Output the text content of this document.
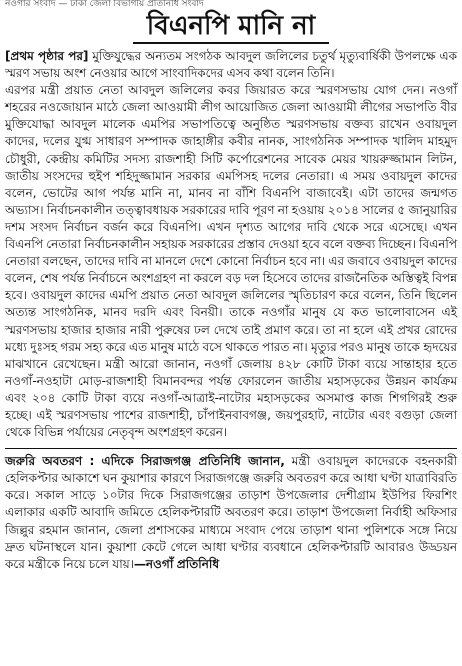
নওগাঁর সংবাদ — ঢাকা জেলা বিভাগীয় প্রতিনিধি সংবাদ
বিএনপি মানি না

[প্রথম পৃষ্ঠার পর] মুক্তিযুদ্ধের অন্যতম সংগঠক আবদুল জলিলের চতুর্থ মৃত্যুবার্ষিকী উপলক্ষে এক স্মরণ সভায় অংশ নেওয়ার আগে সাংবাদিকদের এসব কথা বলেন তিনি।

এরপর মন্ত্রী প্রয়াত নেতা আবদুল জলিলের কবর জিয়ারত করে স্মরণসভায় যোগ দেন। নওগাঁ শহরের নওজোয়ান মাঠে জেলা আওয়ামী লীগ আয়োজিত জেলা আওয়ামী লীগের সভাপতি বীর মুক্তিযোদ্ধা আবদুল মালেক এমপির সভাপতিত্বে অনুষ্ঠিত স্মরণসভায় বক্তব্য রাখেন ওবায়দুল কাদের, দলের যুগ্ম সাধারণ সম্পাদক জাহাঙ্গীর কবীর নানক, সাংগঠনিক সম্পাদক খালিদ মাহমুদ চৌধুরী, কেন্দ্রীয় কমিটির সদস্য রাজশাহী সিটি কর্পোরেশনের সাবেক মেয়র খায়রুজ্জামান লিটন, জাতীয় সংসদের হুইপ শহিদুজ্জামান সরকার এমপিসহ দলের নেতারা। এ সময় ওবায়দুল কাদের বলেন, ভোটের আগ পর্যন্ত মানি না, মানব না বাঁশি বিএনপি বাজাবেই। এটা তাদের জন্মগত অভ্যাস। নির্বাচনকালীন তত্ত্বাবধায়ক সরকারের দাবি পূরণ না হওয়ায় ২০১৪ সালের ৫ জানুয়ারির দশম সংসদ নির্বাচন বর্জন করে বিএনপি। এখন দৃশ্যত আগের দাবি থেকে সরে এসেছে। এখন বিএনপি নেতারা নির্বাচনকালীন সহায়ক সরকারের প্রস্তাব দেওয়া হবে বলে বক্তব্য দিচ্ছেন। বিএনপি নেতারা বলছেন, তাদের দাবি না মানলে দেশে কোনো নির্বাচন হবে না। এর জবাবে ওবায়দুল কাদের বলেন, শেষ পর্যন্ত নির্বাচনে অংশগ্রহণ না করলে বড় দল হিসেবে তাদের রাজনৈতিক অস্তিত্বই বিপন্ন হবে। ওবায়দুল কাদের এমপি প্রয়াত নেতা আবদুল জলিলের স্মৃতিচারণ করে বলেন, তিনি ছিলেন অত্যন্ত সাংগঠনিক, মানব দরদি এবং বিনয়ী। তাকে নওগাঁর মানুষ যে কত ভালোবাসেন এই স্মরণসভায় হাজার হাজার নারী পুরুষের ঢল দেখে তাই প্রমাণ করে। তা না হলে এই প্রখর রোদের মধ্যে দুঃসহ গরম সহ্য করে এত মানুষ মাঠে বসে থাকতে পারত না। মৃত্যুর পরও মানুষ তাকে হৃদয়ের মাঝখানে রেখেছেন। মন্ত্রী আরো জানান, নওগাঁ জেলায় ৪২৮ কোটি টাকা ব্যয়ে সান্তাহার হতে নওগাঁ-নওহাটা মোড়-রাজশাহী বিমানবন্দর পর্যন্ত ফোরলেন জাতীয় মহাসড়কের উন্নয়ন কার্যক্রম এবং ২০৪ কোটি টাকা ব্যয়ে নওগাঁ-আত্রাই-নাটোর মহাসড়কের অসমাপ্ত কাজ শিগগিরই শুরু হচ্ছে। এই স্মরণসভায় পাশের রাজশাহী, চাঁপাইনবাবগঞ্জ, জয়পুরহাট, নাটোর এবং বগুড়া জেলা থেকে বিভিন্ন পর্যায়ের নেতৃবৃন্দ অংশগ্রহণ করেন।

জরুরি অবতরণ : এদিকে সিরাজগঞ্জ প্রতিনিধি জানান, মন্ত্রী ওবায়দুল কাদেরকে বহনকারী হেলিকপ্টার আকাশে ঘন কুয়াশার কারণে সিরাজগঞ্জে জরুরি অবতরণ করে আধা ঘণ্টা যাত্রাবিরতি করে। সকাল সাড়ে ১০টার দিকে সিরাজগঞ্জের তাড়াশ উপজেলার দেশীগ্রাম ইউপির ফিরশিং এলাকার একটি আবাদি জমিতে হেলিকপ্টারটি অবতরণ করে। তাড়াশ উপজেলা নির্বাহী অফিসার জিল্লুর রহমান জানান, জেলা প্রশাসকের মাধ্যমে সংবাদ পেয়ে তাড়াশ থানা পুলিশকে সঙ্গে নিয়ে দ্রুত ঘটনাস্থলে যান। কুয়াশা কেটে গেলে আধা ঘণ্টার ব্যবধানে হেলিকপ্টারটি আবারও উড্ডয়ন করে মন্ত্রীকে নিয়ে চলে যায়।—নওগাঁ প্রতিনিধি
